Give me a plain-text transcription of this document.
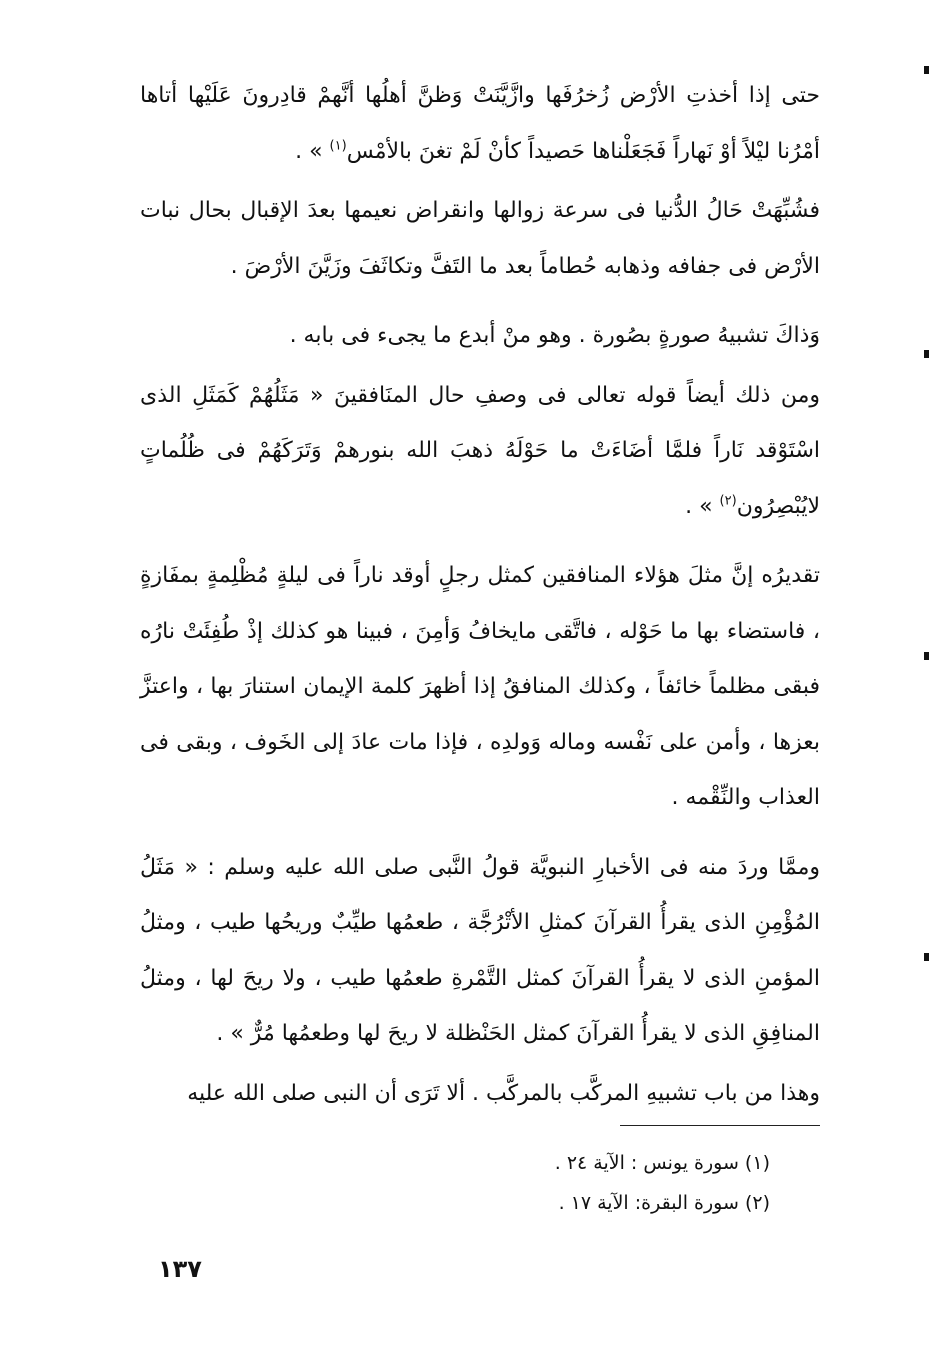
حتى إذا أخذتِ الأرْض زُخرُفَها وازَّيَّنَتْ وَظنَّ أهلُها أنَّهمْ قادِرونَ عَلَيْها أتاها أمْرُنا ليْلاً أوْ نَهاراً فَجَعَلْناها حَصيداً كأنْ لَمْ تغنَ بالأمْس$^{(١)}$ » .

فشُبِّهَتْ حَالُ الدُّنيا فى سرعة زوالها وانقراض نعيمها بعدَ الإقبال بحال نبات الأرْض فى جفافه وذهابه حُطاماً بعد ما التَفَّ وتكاثَفَ وزَيَّنَ الأرْضَ .

وَذاكَ تشبيهُ صورةٍ بصُورة . وهو منْ أبدع ما يجىء فى بابه .

ومن ذلك أيضاً قوله تعالى فى وصفِ حال المنَافقينَ « مَثَلُهُمْ كَمَثَلِ الذى اسْتَوْقد نَاراً فلمَّا أضَاءَتْ ما حَوْلَهُ ذهبَ الله بنورهمْ وَتَرَكَهُمْ فى ظُلُماتٍ لايُبْصِرُون$^{(٢)}$ » .

تقديرُه إنَّ مثلَ هؤلاء المنافقين كمثل رجلٍ أوقد ناراً فى ليلةٍ مُظْلِمةٍ بمفَازةٍ ، فاستضاء بها ما حَوْله ، فاتَّقى مايخافُ وَأمِنَ ، فبينا هو كذلك إذْ طُفِئَتْ نارُه فبقى مظلماً خائفاً ، وكذلك المنافقُ إذا أظهرَ كلمة الإيمان استنارَ بها ، واعتزَّ بعزها ، وأمن على نَفْسه وماله وَولدِه ، فإذا مات عادَ إلى الخَوف ، وبقى فى العذاب والنِّقْمه .

وممَّا وردَ منه فى الأخبارِ النبويَّة قولُ النَّبى صلى الله عليه وسلم : « مَثَلُ المُؤْمِنِ الذى يقرأُ القرآنَ كمثلِ الأتْرُجَّة ، طعمُها طيِّبٌ وريحُها طيب ، ومثلُ المؤمنِ الذى لا يقرأُ القرآنَ كمثل التَّمْرةِ طعمُها طيب ، ولا ريحَ لها ، ومثلُ المنافِقِ الذى لا يقرأُ القرآنَ كمثل الحَنْظلة لا ريحَ لها وطعمُها مُرٌّ » .

وهذا من باب تشبيهِ المركَّب بالمركَّب . ألا تَرَى أن النبى صلى الله عليه

(١) سورة يونس : الآية ٢٤ .

(٢) سورة البقرة: الآية ١٧ .

١٣٧
